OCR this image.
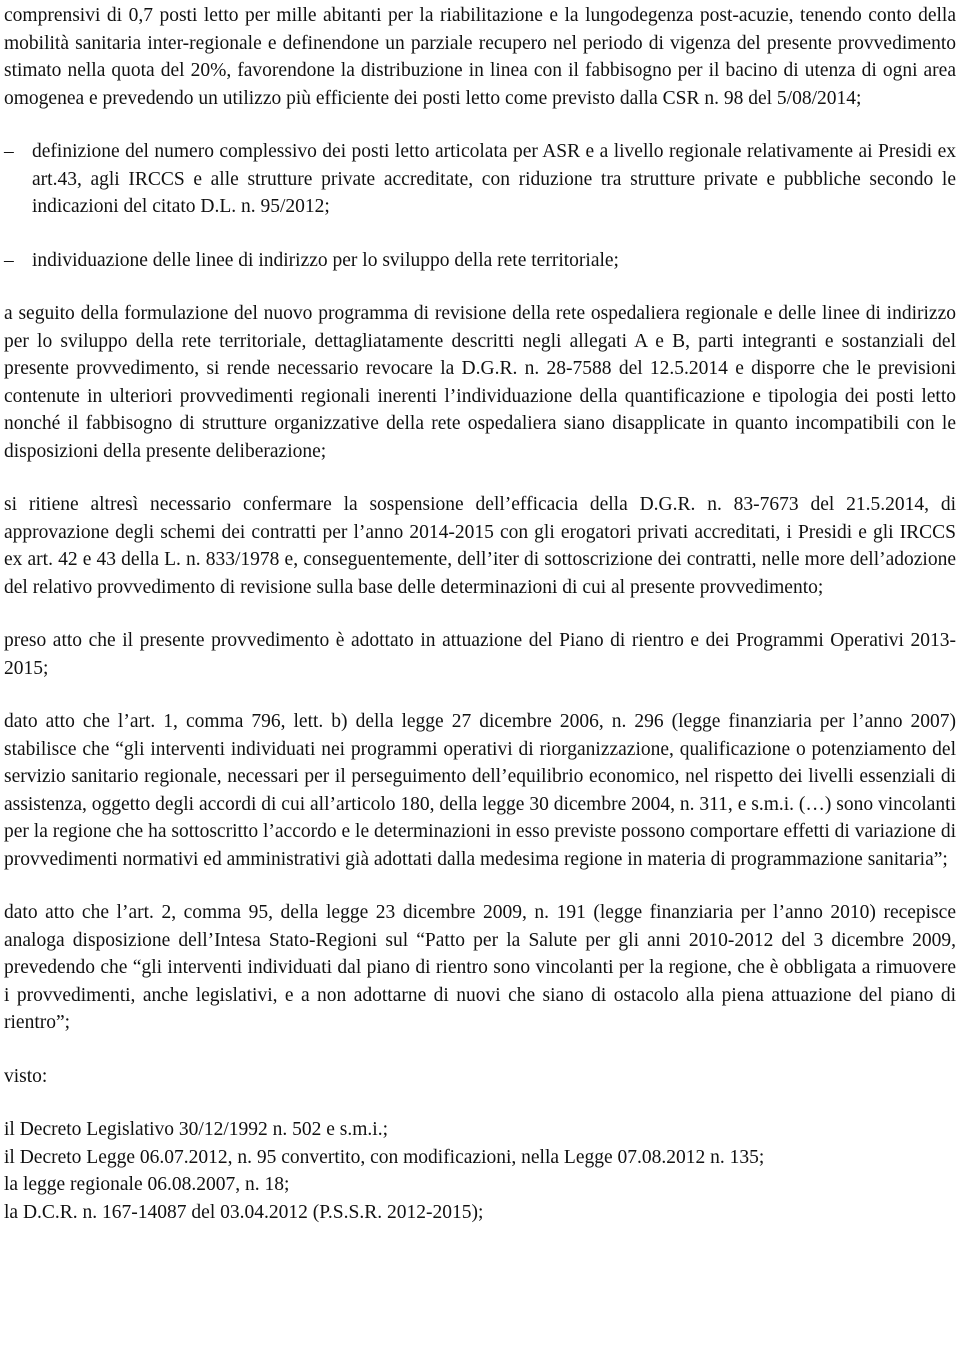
comprensivi di 0,7 posti letto per mille abitanti per la riabilitazione e la lungodegenza post-acuzie, tenendo conto della mobilità sanitaria inter-regionale e definendone un parziale recupero nel periodo di vigenza del presente provvedimento stimato nella quota del 20%, favorendone la distribuzione in linea con il fabbisogno per il bacino di utenza di ogni area omogenea e prevedendo un utilizzo più efficiente dei posti letto come previsto dalla CSR n. 98 del 5/08/2014;

– definizione del numero complessivo dei posti letto articolata per ASR e a livello regionale relativamente ai Presidi ex art.43, agli IRCCS e alle strutture private accreditate, con riduzione tra strutture private e pubbliche secondo le indicazioni del citato D.L. n. 95/2012;
– individuazione delle linee di indirizzo per lo sviluppo della rete territoriale;

a seguito della formulazione del nuovo programma di revisione della rete ospedaliera regionale e delle linee di indirizzo per lo sviluppo della rete territoriale, dettagliatamente descritti negli allegati A e B, parti integranti e sostanziali del presente provvedimento, si rende necessario revocare la D.G.R. n. 28-7588 del 12.5.2014 e disporre che le previsioni contenute in ulteriori provvedimenti regionali inerenti l’individuazione della quantificazione e tipologia dei posti letto nonché il fabbisogno di strutture organizzative della rete ospedaliera siano disapplicate in quanto incompatibili con le disposizioni della presente deliberazione;

si ritiene altresì necessario confermare la sospensione dell’efficacia della D.G.R. n. 83-7673 del 21.5.2014, di approvazione degli schemi dei contratti per l’anno 2014-2015 con gli erogatori privati accreditati, i Presidi e gli IRCCS ex art. 42 e 43 della L. n. 833/1978 e, conseguentemente, dell’iter di sottoscrizione dei contratti, nelle more dell’adozione del relativo provvedimento di revisione sulla base delle determinazioni di cui al presente provvedimento;

preso atto che il presente provvedimento è adottato in attuazione del Piano di rientro e dei Programmi Operativi 2013-2015;

dato atto che l’art. 1, comma 796, lett. b) della legge 27 dicembre 2006, n. 296 (legge finanziaria per l’anno 2007) stabilisce che “gli interventi individuati nei programmi operativi di riorganizzazione, qualificazione o potenziamento del servizio sanitario regionale, necessari per il perseguimento dell’equilibrio economico, nel rispetto dei livelli essenziali di assistenza, oggetto degli accordi di cui all’articolo 180, della legge 30 dicembre 2004, n. 311, e s.m.i. (…) sono vincolanti per la regione che ha sottoscritto l’accordo e le determinazioni in esso previste possono comportare effetti di variazione di provvedimenti normativi ed amministrativi già adottati dalla medesima regione in materia di programmazione sanitaria”;

dato atto che l’art. 2, comma 95, della legge 23 dicembre 2009, n. 191 (legge finanziaria per l’anno 2010) recepisce analoga disposizione dell’Intesa Stato-Regioni sul “Patto per la Salute per gli anni 2010-2012 del 3 dicembre 2009, prevedendo che “gli interventi individuati dal piano di rientro sono vincolanti per la regione, che è obbligata a rimuovere i provvedimenti, anche legislativi, e a non adottarne di nuovi che siano di ostacolo alla piena attuazione del piano di rientro”;

visto:

il Decreto Legislativo 30/12/1992 n. 502 e s.m.i.;

il Decreto Legge 06.07.2012, n. 95 convertito, con modificazioni, nella Legge 07.08.2012 n. 135;

la legge regionale 06.08.2007, n. 18;

la D.C.R. n. 167-14087 del 03.04.2012 (P.S.S.R. 2012-2015);
